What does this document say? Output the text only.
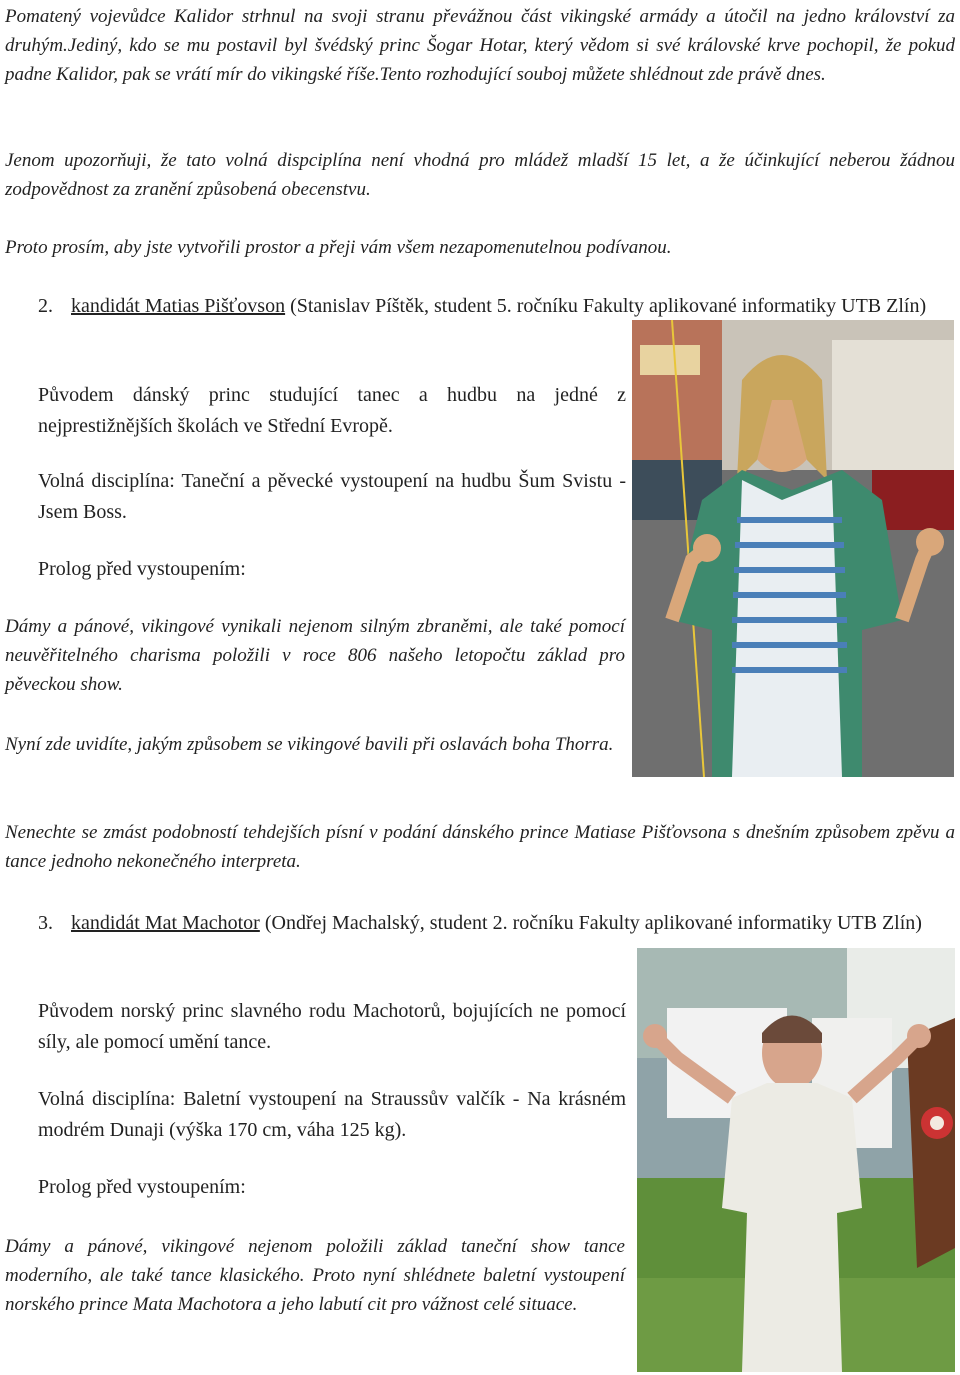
Pomatený vojevůdce Kalidor strhnul na svoji stranu převážnou část vikingské armády a útočil na jedno království za druhým.Jediný, kdo se mu postavil byl švédský princ Šogar Hotar, který vědom si své královské krve pochopil, že pokud padne Kalidor, pak se vrátí mír do vikingské říše.Tento rozhodující souboj můžete shlédnout zde právě dnes.

Jenom upozorňuji, že tato volná dispciplína není vhodná pro mládež mladší 15 let, a že účinkující neberou žádnou zodpovědnost za zranění způsobená obecenstvu.

Proto prosím, aby jste vytvořili prostor a přeji vám všem nezapomenutelnou podívanou.

2. kandidát Matias Pišťovson (Stanislav Píštěk, student 5. ročníku Fakulty aplikované informatiky UTB Zlín)

Původem dánský princ studující tanec a hudbu na jedné z nejprestižnějších školách ve Střední Evropě.

Volná disciplína: Taneční a pěvecké vystoupení na hudbu Šum Svistu - Jsem Boss.

Prolog před vystoupením:

Dámy a pánové, vikingové vynikali nejenom silným zbraněmi, ale také pomocí neuvěřitelného charisma položili v roce 806 našeho letopočtu základ pro pěveckou show.

Nyní zde uvidíte, jakým způsobem se vikingové bavili při oslavách boha Thorra.

Nenechte se zmást podobností tehdejších písní v podání dánského prince Matiase Pišťovsona s dnešním způsobem zpěvu a tance jednoho nekonečného interpreta.

3. kandidát Mat Machotor (Ondřej Machalský, student 2. ročníku Fakulty aplikované informatiky UTB Zlín)

Původem norský princ slavného rodu Machotorů, bojujících ne pomocí síly, ale pomocí umění tance.

Volná disciplína: Baletní vystoupení na Straussův valčík - Na krásném modrém Dunaji (výška 170 cm, váha 125 kg).

Prolog před vystoupením:

Dámy a pánové, vikingové nejenom položili základ taneční show tance moderního, ale také tance klasického. Proto nyní shlédnete baletní vystoupení norského prince Mata Machotora a jeho labutí cit pro vážnost celé situace.
